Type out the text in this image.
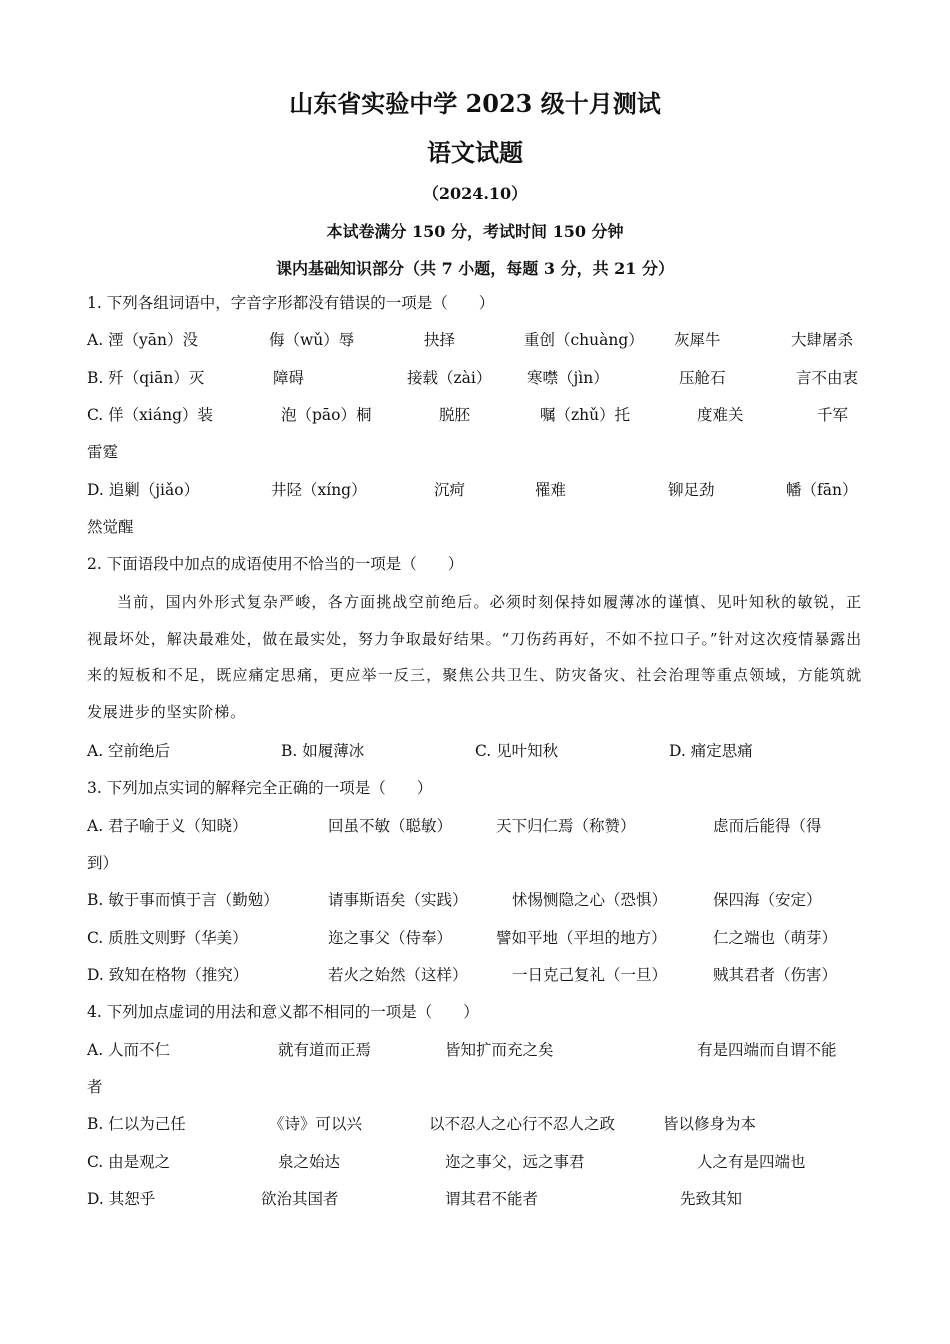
山东省实验中学 2023 级十月测试
语文试题
（2024.10）
本试卷满分 150 分，考试时间 150 分钟
课内基础知识部分（共 7 小题，每题 3 分，共 21 分）
1. 下列各组词语中，字音字形都没有错误的一项是（　　）
A. 湮（yān）没	侮（wǔ）辱	抉择	重创（chuàng） 灰犀牛	大肆屠杀
B. 歼（qiān）灭	障碍	接载（zài） 寒噤（jìn）	压舱石	言不由衷
C. 佯（xiáng）装	泡（pāo）桐	脱胚	嘱（zhǔ）托	度难关	千军
雷霆
D. 追剿（jiǎo）	井陉（xíng）	沉疴	罹难	铆足劲	幡（fān）
然觉醒
2. 下面语段中加点的成语使用不恰当的一项是（　　）
当前，国内外形式复杂严峻，各方面挑战空前绝后。必须时刻保持如履薄冰的谨慎、见叶知秋的敏锐，正视最坏处，解决最难处，做在最实处，努力争取最好结果。“刀伤药再好，不如不拉口子。”针对这次疫情暴露出来的短板和不足，既应痛定思痛，更应举一反三，聚焦公共卫生、防灾备灾、社会治理等重点领域，方能筑就发展进步的坚实阶梯。
A. 空前绝后	B. 如履薄冰	C. 见叶知秋	D. 痛定思痛
3. 下列加点实词的解释完全正确的一项是（　　）
A. 君子喻于义（知晓）	回虽不敏（聪敏）	天下归仁焉（称赞）	虑而后能得（得
到）
B. 敏于事而慎于言（勤勉）	请事斯语矣（实践）	怵惕恻隐之心（恐惧）	保四海（安定）
C. 质胜文则野（华美）	迩之事父（侍奉）	譬如平地（平坦的地方）	仁之端也（萌芽）
D. 致知在格物（推究）	若火之始然（这样）	一日克己复礼（一旦）	贼其君者（伤害）
4. 下列加点虚词的用法和意义都不相同的一项是（　　）
A. 人而不仁	就有道而正焉	皆知扩而充之矣	有是四端而自谓不能
者
B. 仁以为己任	《诗》可以兴	以不忍人之心行不忍人之政	皆以修身为本
C. 由是观之	泉之始达	迩之事父，远之事君	人之有是四端也
D. 其恕乎	欲治其国者	谓其君不能者	先致其知
